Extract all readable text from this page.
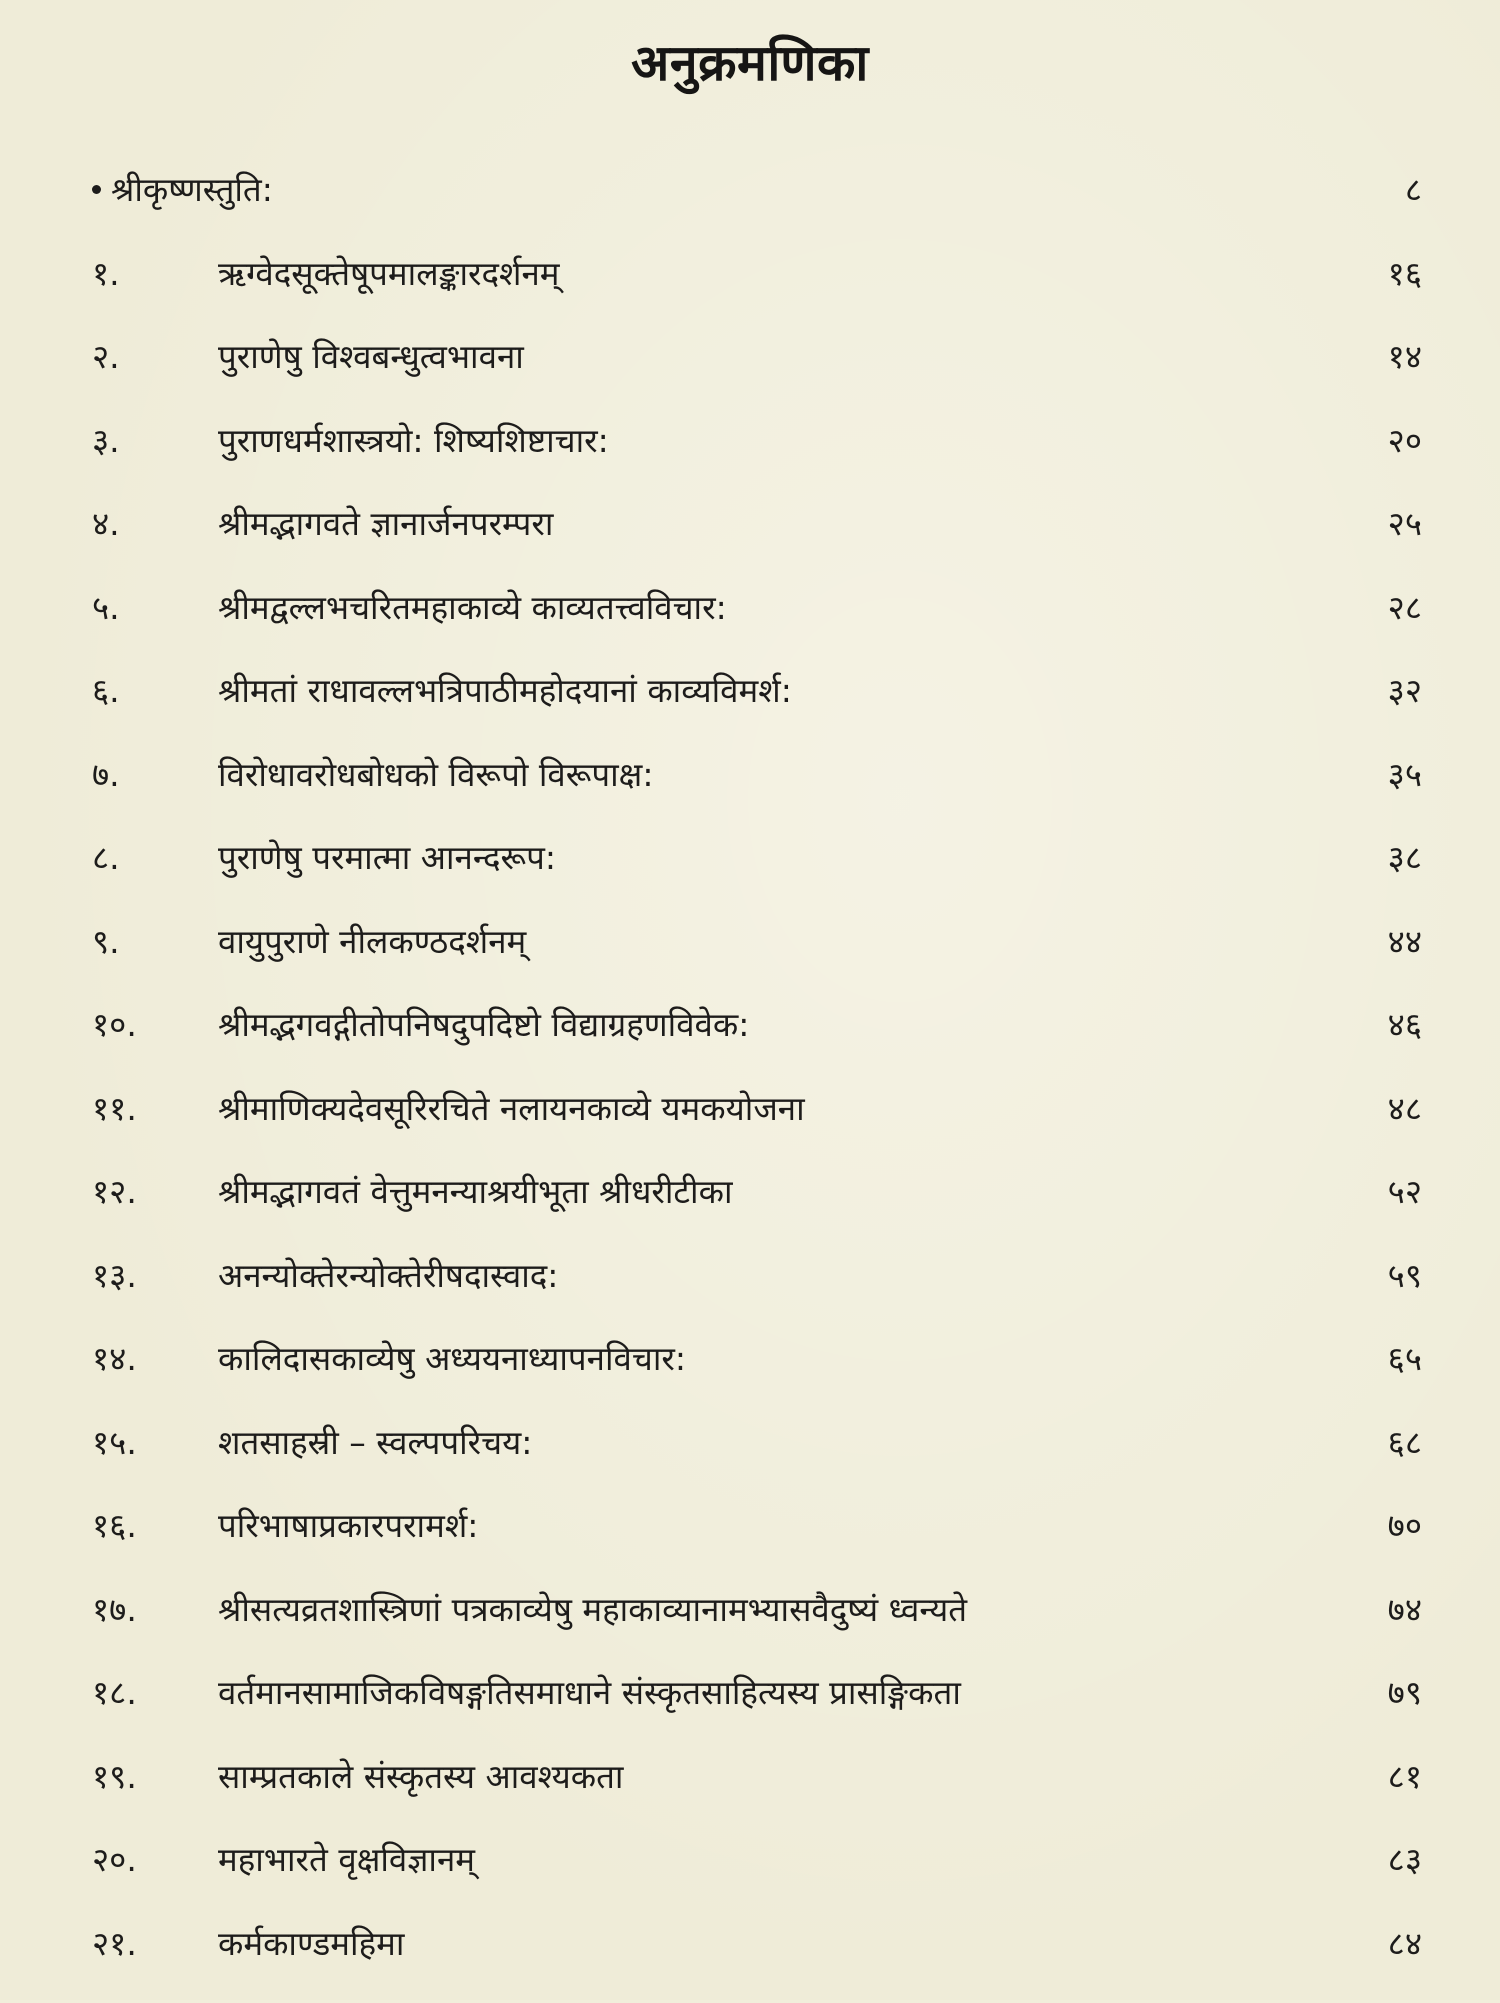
अनुक्रमणिका
श्रीकृष्णस्तुति:	८
१.	ऋग्वेदसूक्तेषूपमालङ्कारदर्शनम्	१६
२.	पुराणेषु विश्वबन्धुत्वभावना	१४
३.	पुराणधर्मशास्त्रयो: शिष्यशिष्टाचार:	२०
४.	श्रीमद्भागवते ज्ञानार्जनपरम्परा	२५
५.	श्रीमद्वल्लभचरितमहाकाव्ये काव्यतत्त्वविचार:	२८
६.	श्रीमतां राधावल्लभत्रिपाठीमहोदयानां काव्यविमर्श:	३२
७.	विरोधावरोधबोधको विरूपो विरूपाक्ष:	३५
८.	पुराणेषु परमात्मा आनन्दरूप:	३८
९.	वायुपुराणे नीलकण्ठदर्शनम्	४४
१०.	श्रीमद्भगवद्गीतोपनिषदुपदिष्टो विद्याग्रहणविवेक:	४६
११.	श्रीमाणिक्यदेवसूरिरचिते नलायनकाव्ये यमकयोजना	४८
१२.	श्रीमद्भागवतं वेत्तुमनन्याश्रयीभूता श्रीधरीटीका	५२
१३.	अनन्योक्तेरन्योक्तेरीषदास्वाद:	५९
१४.	कालिदासकाव्येषु अध्ययनाध्यापनविचार:	६५
१५.	शतसाहस्री – स्वल्पपरिचय:	६८
१६.	परिभाषाप्रकारपरामर्श:	७०
१७.	श्रीसत्यव्रतशास्त्रिणां पत्रकाव्येषु महाकाव्यानामभ्यासवैदुष्यं ध्वन्यते	७४
१८.	वर्तमानसामाजिकविषङ्गतिसमाधाने संस्कृतसाहित्यस्य प्रासङ्गिकता	७९
१९.	साम्प्रतकाले संस्कृतस्य आवश्यकता	८१
२०.	महाभारते वृक्षविज्ञानम्	८३
२१.	कर्मकाण्डमहिमा	८४
